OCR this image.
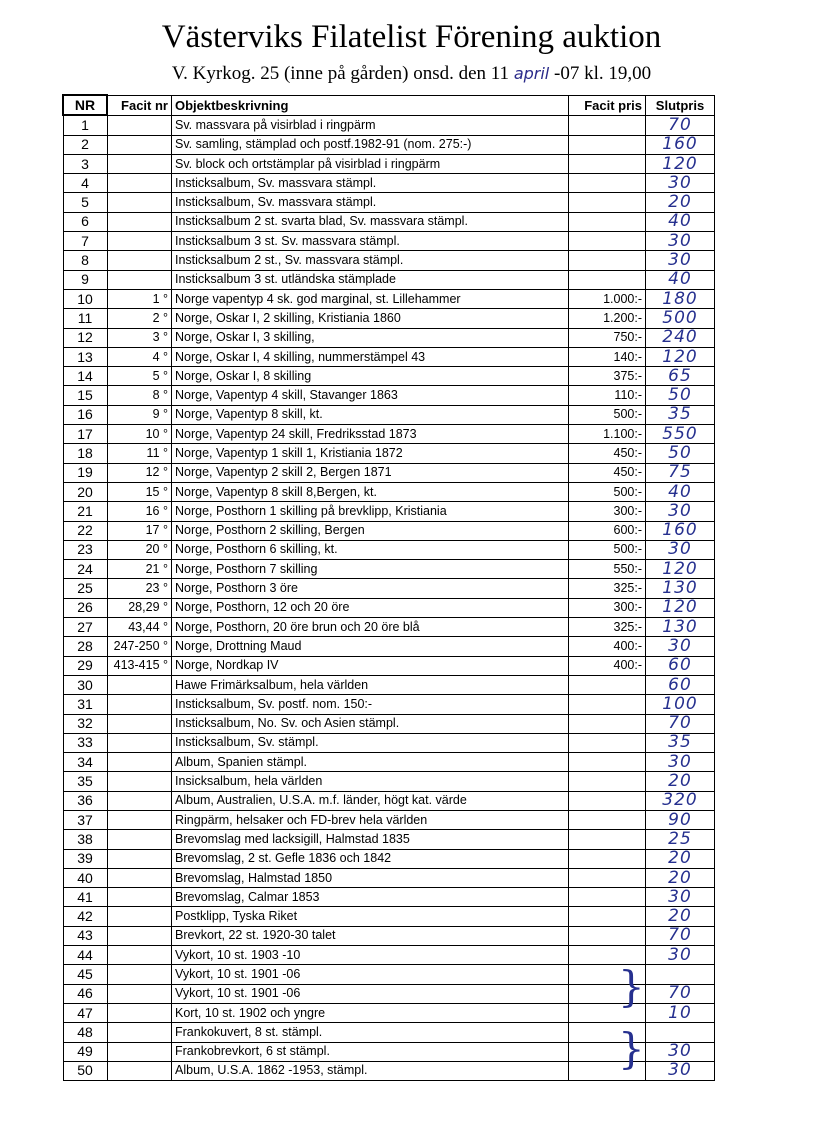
Västerviks Filatelist Förening auktion
V. Kyrkog. 25 (inne på gården) onsd. den 11 april -07 kl. 19,00
NR	Facit nr	Objektbeskrivning	Facit pris	Slutpris
1		Sv. massvara på visirblad i ringpärm		70
2		Sv. samling, stämplad och postf.1982-91 (nom. 275:-)		160
3		Sv. block och ortstämplar på visirblad i ringpärm		120
4		Insticksalbum, Sv. massvara stämpl.		30
5		Insticksalbum, Sv. massvara stämpl.		20
6		Insticksalbum 2 st. svarta blad, Sv. massvara stämpl.		40
7		Insticksalbum 3 st. Sv. massvara stämpl.		30
8		Insticksalbum 2 st., Sv. massvara stämpl.		30
9		Insticksalbum 3 st. utländska stämplade		40
10	1 °	Norge vapentyp 4 sk. god marginal, st. Lillehammer	1.000:-	180
11	2 °	Norge, Oskar I, 2 skilling, Kristiania 1860	1.200:-	500
12	3 °	Norge, Oskar I, 3 skilling,	750:-	240
13	4 °	Norge, Oskar I, 4 skilling, nummerstämpel 43	140:-	120
14	5 °	Norge, Oskar I, 8 skilling	375:-	65
15	8 °	Norge, Vapentyp 4 skill, Stavanger 1863	110:-	50
16	9 °	Norge, Vapentyp 8 skill, kt.	500:-	35
17	10 °	Norge, Vapentyp 24 skill, Fredriksstad 1873	1.100:-	550
18	11 °	Norge, Vapentyp 1 skill 1, Kristiania 1872	450:-	50
19	12 °	Norge, Vapentyp 2 skill 2, Bergen 1871	450:-	75
20	15 °	Norge, Vapentyp 8 skill 8,Bergen, kt.	500:-	40
21	16 °	Norge, Posthorn 1 skilling på brevklipp, Kristiania	300:-	30
22	17 °	Norge, Posthorn 2 skilling, Bergen	600:-	160
23	20 °	Norge, Posthorn 6 skilling, kt.	500:-	30
24	21 °	Norge, Posthorn 7 skilling	550:-	120
25	23 °	Norge, Posthorn 3 öre	325:-	130
26	28,29 °	Norge, Posthorn, 12 och 20 öre	300:-	120
27	43,44 °	Norge, Posthorn, 20 öre brun och 20 öre blå	325:-	130
28	247-250 °	Norge, Drottning Maud	400:-	30
29	413-415 °	Norge, Nordkap IV	400:-	60
30		Hawe Frimärksalbum, hela världen		60
31		Insticksalbum, Sv. postf. nom. 150:-		100
32		Insticksalbum, No. Sv. och Asien stämpl.		70
33		Insticksalbum, Sv. stämpl.		35
34		Album, Spanien stämpl.		30
35		Insicksalbum, hela världen		20
36		Album, Australien, U.S.A. m.f. länder, högt kat. värde		320
37		Ringpärm, helsaker och FD-brev hela världen		90
38		Brevomslag med lacksigill, Halmstad 1835		25
39		Brevomslag, 2 st. Gefle 1836 och 1842		20
40		Brevomslag, Halmstad 1850		20
41		Brevomslag, Calmar 1853		30
42		Postklipp, Tyska Riket		20
43		Brevkort, 22 st. 1920-30 talet		70
44		Vykort, 10 st. 1903 -10		30
45		Vykort, 10 st. 1901 -06		
46		Vykort, 10 st. 1901 -06		70
47		Kort, 10 st. 1902 och yngre		10
48		Frankokuvert, 8 st. stämpl.		
49		Frankobrevkort, 6 st stämpl.		30
50		Album, U.S.A. 1862 -1953, stämpl.		30
}
}
